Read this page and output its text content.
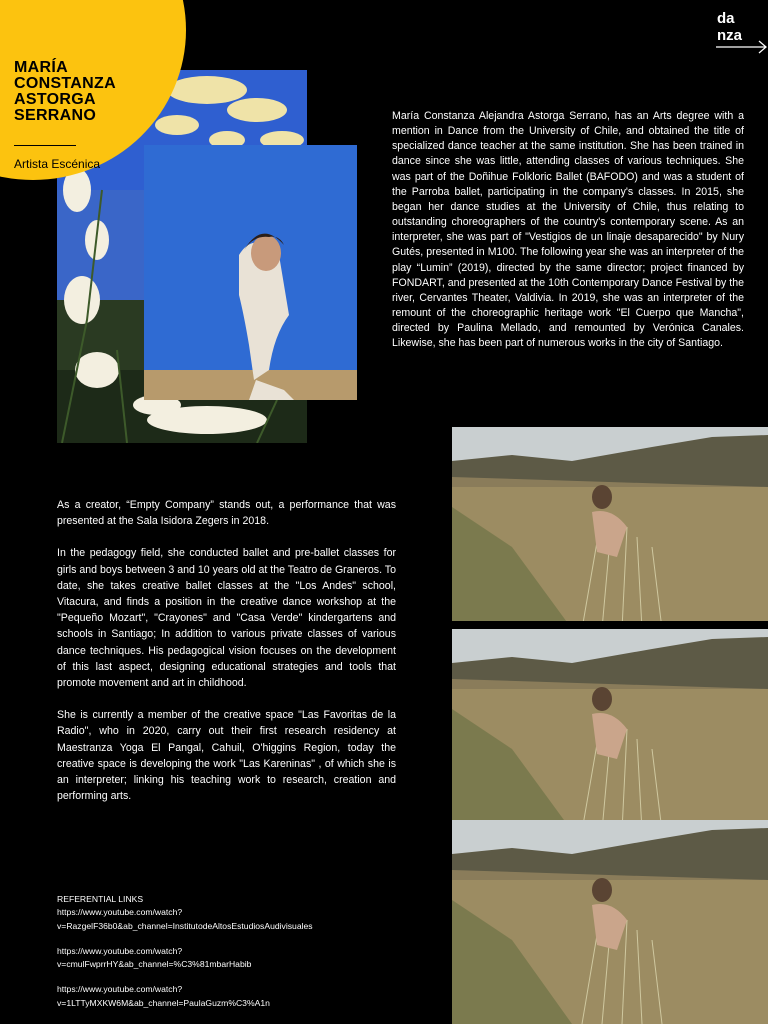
MARÍA
CONSTANZA
ASTORGA
SERRANO
Artista Escénica
da
nza
María Constanza Alejandra Astorga Serrano, has an Arts degree with a mention in Dance from the University of Chile, and obtained the title of specialized dance teacher at the same institution. She has been trained in dance since she was little, attending classes of various techniques. She was part of the Doñihue Folkloric Ballet (BAFODO) and was a student of the Parroba ballet, participating in the company's classes. In 2015, she began her dance studies at the University of Chile, thus relating to outstanding choreographers of the country's contemporary scene. As an interpreter, she was part of "Vestigios de un linaje desaparecido" by Nury Gutés, presented in M100. The following year she was an interpreter of the play “Lumin” (2019), directed by the same director; project financed by FONDART, and presented at the 10th Contemporary Dance Festival by the river, Cervantes Theater, Valdivia. In 2019, she was an interpreter of the remount of the choreographic heritage work "El Cuerpo que Mancha", directed by Paulina Mellado, and remounted by Verónica Canales. Likewise, she has been part of numerous works in the city of Santiago.

As a creator, “Empty Company” stands out, a performance that was presented at the Sala Isidora Zegers in 2018.

In the pedagogy field, she conducted ballet and pre-ballet classes for girls and boys between 3 and 10 years old at the Teatro de Graneros. To date, she takes creative ballet classes at the "Los Andes" school, Vitacura, and finds a position in the creative dance workshop at the "Pequeño Mozart", "Crayones" and "Casa Verde" kindergartens and schools in Santiago; In addition to various private classes of various dance techniques. His pedagogical vision focuses on the development of this last aspect, designing educational strategies and tools that promote movement and art in childhood.

She is currently a member of the creative space "Las Favoritas de la Radio", who in 2020, carry out their first research residency at Maestranza Yoga El Pangal, Cahuil, O'higgins Region, today the creative space is developing the work "Las Kareninas" , of which she is an interpreter; linking his teaching work to research, creation and performing arts.

REFERENTIAL LINKS
https://www.youtube.com/watch?
v=RazgelF36b0&ab_channel=InstitutodeAltosEstudiosAudivisuales
https://www.youtube.com/watch?
v=cmulFwprrHY&ab_channel=%C3%81mbarHabib
https://www.youtube.com/watch?
v=1LTTyMXKW6M&ab_channel=PaulaGuzm%C3%A1n
